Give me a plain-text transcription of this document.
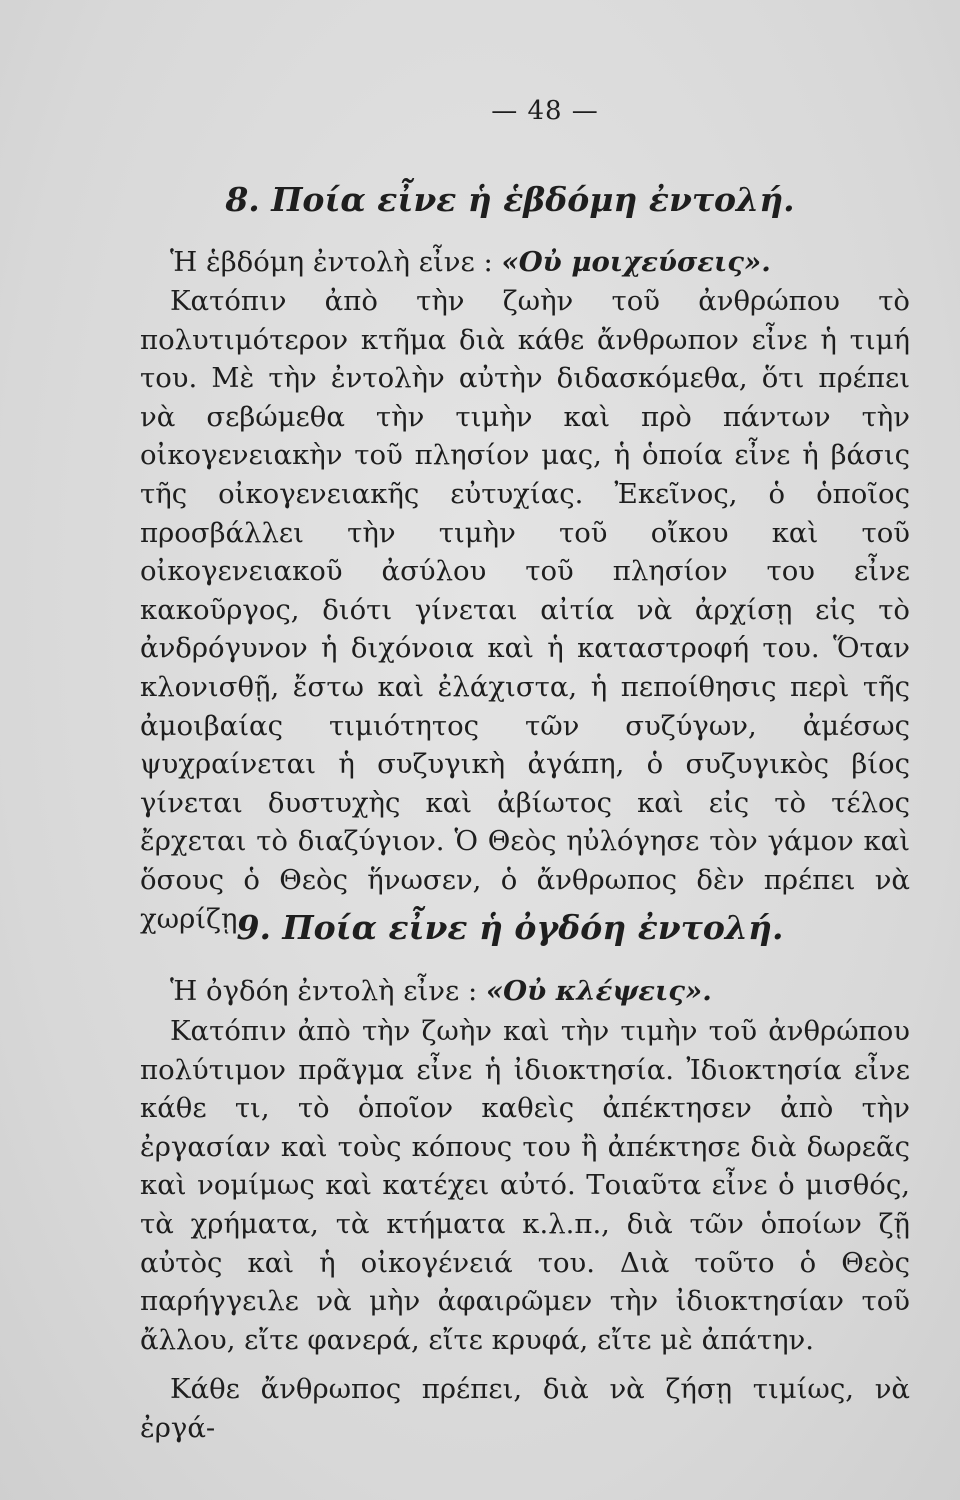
— 48 —
8. Ποία εἶνε ἡ ἑβδόμη ἐντολή.

Ἡ ἑβδόμη ἐντολὴ εἶνε : «Οὐ μοιχεύσεις».

Κατόπιν ἀπὸ τὴν ζωὴν τοῦ ἀνθρώπου τὸ πολυτιμότερον κτῆμα διὰ κάθε ἄνθρωπον εἶνε ἡ τιμή του. Μὲ τὴν ἐντολὴν αὐτὴν διδασκόμεθα, ὅτι πρέπει νὰ σεβώμεθα τὴν τιμὴν καὶ πρὸ πάντων τὴν οἰκογενειακὴν τοῦ πλησίον μας, ἡ ὁποία εἶνε ἡ βάσις τῆς οἰκογενειακῆς εὐτυχίας. Ἐκεῖνος, ὁ ὁποῖος προσβάλλει τὴν τιμὴν τοῦ οἴκου καὶ τοῦ οἰκογενειακοῦ ἀσύλου τοῦ πλησίον του εἶνε κακοῦργος, διότι γίνεται αἰτία νὰ ἀρχίσῃ εἰς τὸ ἀνδρόγυνον ἡ διχόνοια καὶ ἡ καταστροφή του. Ὅταν κλονισθῇ, ἔστω καὶ ἐλάχιστα, ἡ πεποίθησις περὶ τῆς ἀμοιβαίας τιμιότητος τῶν συζύγων, ἀμέσως ψυχραίνεται ἡ συζυγικὴ ἀγάπη, ὁ συζυγικὸς βίος γίνεται δυστυχὴς καὶ ἀβίωτος καὶ εἰς τὸ τέλος ἔρχεται τὸ διαζύγιον. Ὁ Θεὸς ηὐλόγησε τὸν γάμον καὶ ὅσους ὁ Θεὸς ἥνωσεν, ὁ ἄνθρωπος δὲν πρέπει νὰ χωρίζῃ.

9. Ποία εἶνε ἡ ὀγδόη ἐντολή.

Ἡ ὀγδόη ἐντολὴ εἶνε : «Οὐ κλέψεις».

Κατόπιν ἀπὸ τὴν ζωὴν καὶ τὴν τιμὴν τοῦ ἀνθρώπου πολύτιμον πρᾶγμα εἶνε ἡ ἰδιοκτησία. Ἰδιοκτησία εἶνε κάθε τι, τὸ ὁποῖον καθεὶς ἀπέκτησεν ἀπὸ τὴν ἐργασίαν καὶ τοὺς κόπους του ἢ ἀπέκτησε διὰ δωρεᾶς καὶ νομίμως καὶ κατέχει αὐτό. Τοιαῦτα εἶνε ὁ μισθός, τὰ χρήματα, τὰ κτήματα κ.λ.π., διὰ τῶν ὁποίων ζῇ αὐτὸς καὶ ἡ οἰκογένειά του. Διὰ τοῦτο ὁ Θεὸς παρήγγειλε νὰ μὴν ἀφαιρῶμεν τὴν ἰδιοκτησίαν τοῦ ἄλλου, εἴτε φανερά, εἴτε κρυφά, εἴτε μὲ ἀπάτην.

Κάθε ἄνθρωπος πρέπει, διὰ νὰ ζήσῃ τιμίως, νὰ ἐργά-
